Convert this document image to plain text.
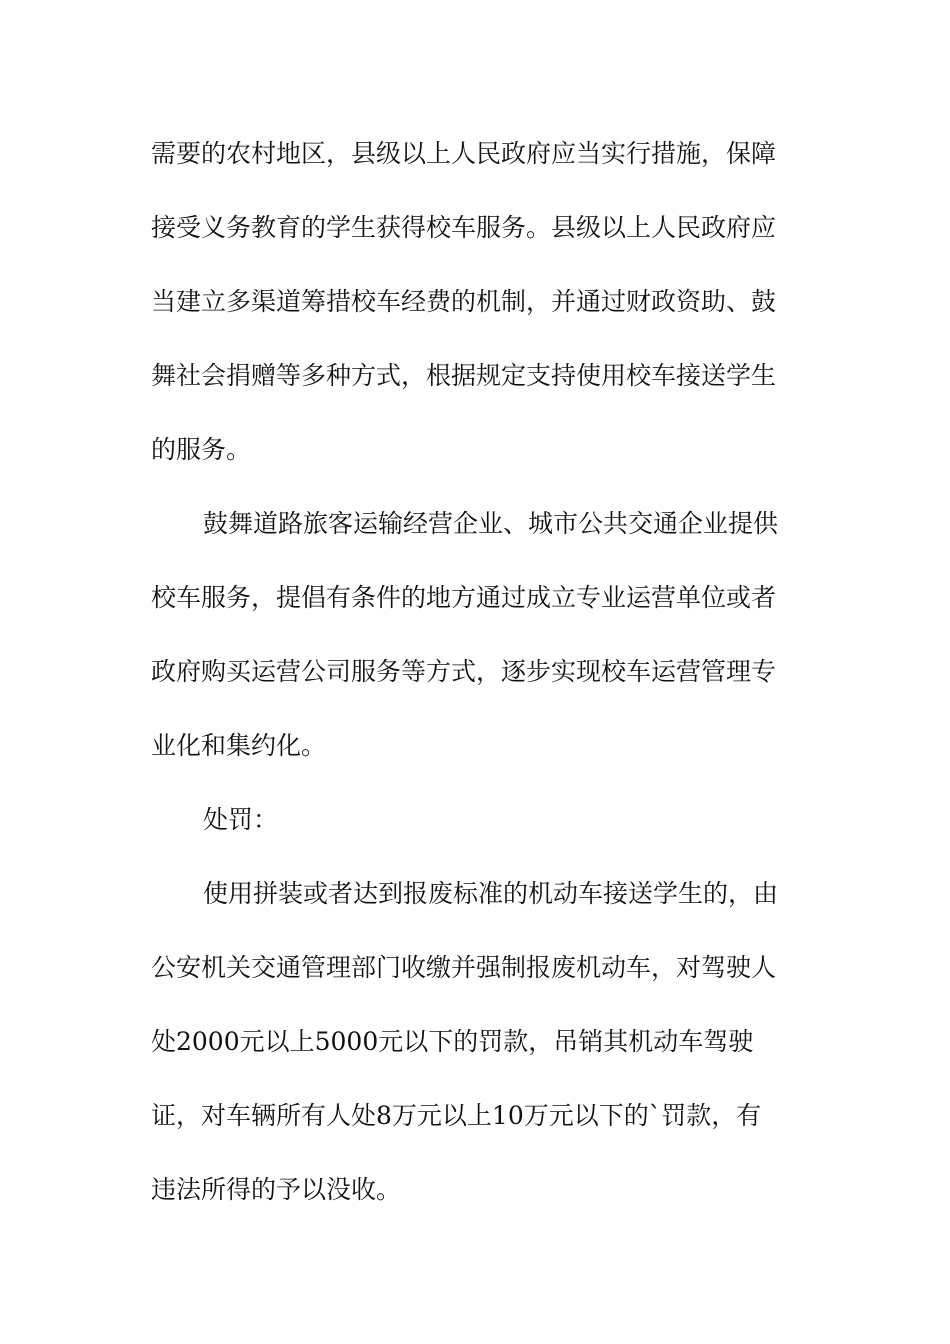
需要的农村地区，县级以上人民政府应当实行措施，保障
接受义务教育的学生获得校车服务。县级以上人民政府应
当建立多渠道筹措校车经费的机制，并通过财政资助、鼓
舞社会捐赠等多种方式，根据规定支持使用校车接送学生
的服务。
鼓舞道路旅客运输经营企业、城市公共交通企业提供
校车服务，提倡有条件的地方通过成立专业运营单位或者
政府购买运营公司服务等方式，逐步实现校车运营管理专
业化和集约化。
处罚：
使用拼装或者达到报废标准的机动车接送学生的，由
公安机关交通管理部门收缴并强制报废机动车，对驾驶人
处2000元以上5000元以下的罚款，吊销其机动车驾驶
证，对车辆所有人处8万元以上10万元以下的`罚款，有
违法所得的予以没收。
